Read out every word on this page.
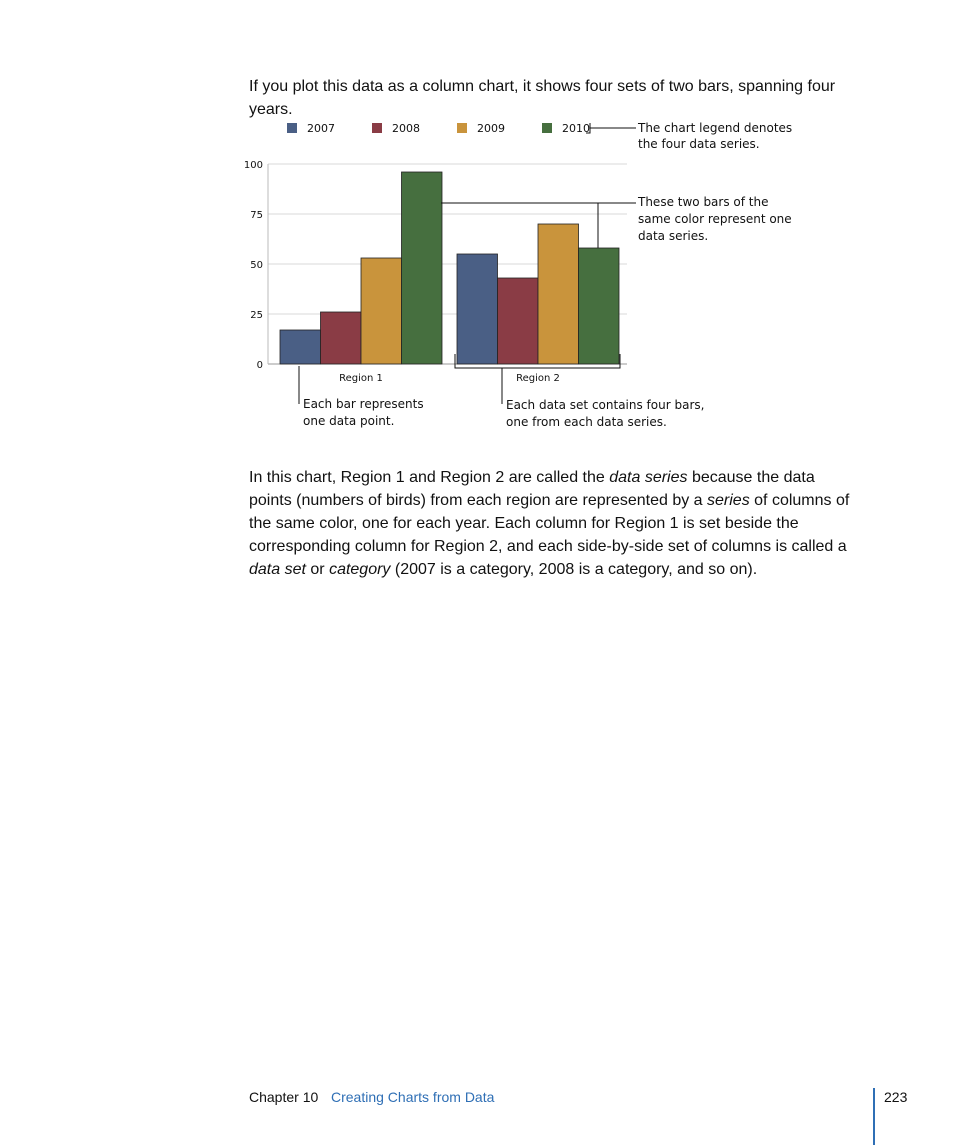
If you plot this data as a column chart, it shows four sets of two bars, spanning four years.

0
25
50
75
100
Region 1	Region 2
2007	2008	2009	2010	The chart legend denotes
the four data series.
These two bars of the
same color represent one
data series.
Each bar represents
one data point.
Each data set contains four bars,
one from each data series.

In this chart, Region 1 and Region 2 are called the data series because the data points (numbers of birds) from each region are represented by a series of columns of the same color, one for each year. Each column for Region 1 is set beside the corresponding column for Region 2, and each side-by-side set of columns is called a data set or category (2007 is a category, 2008 is a category, and so on).

Chapter 10 Creating Charts from Data	223
